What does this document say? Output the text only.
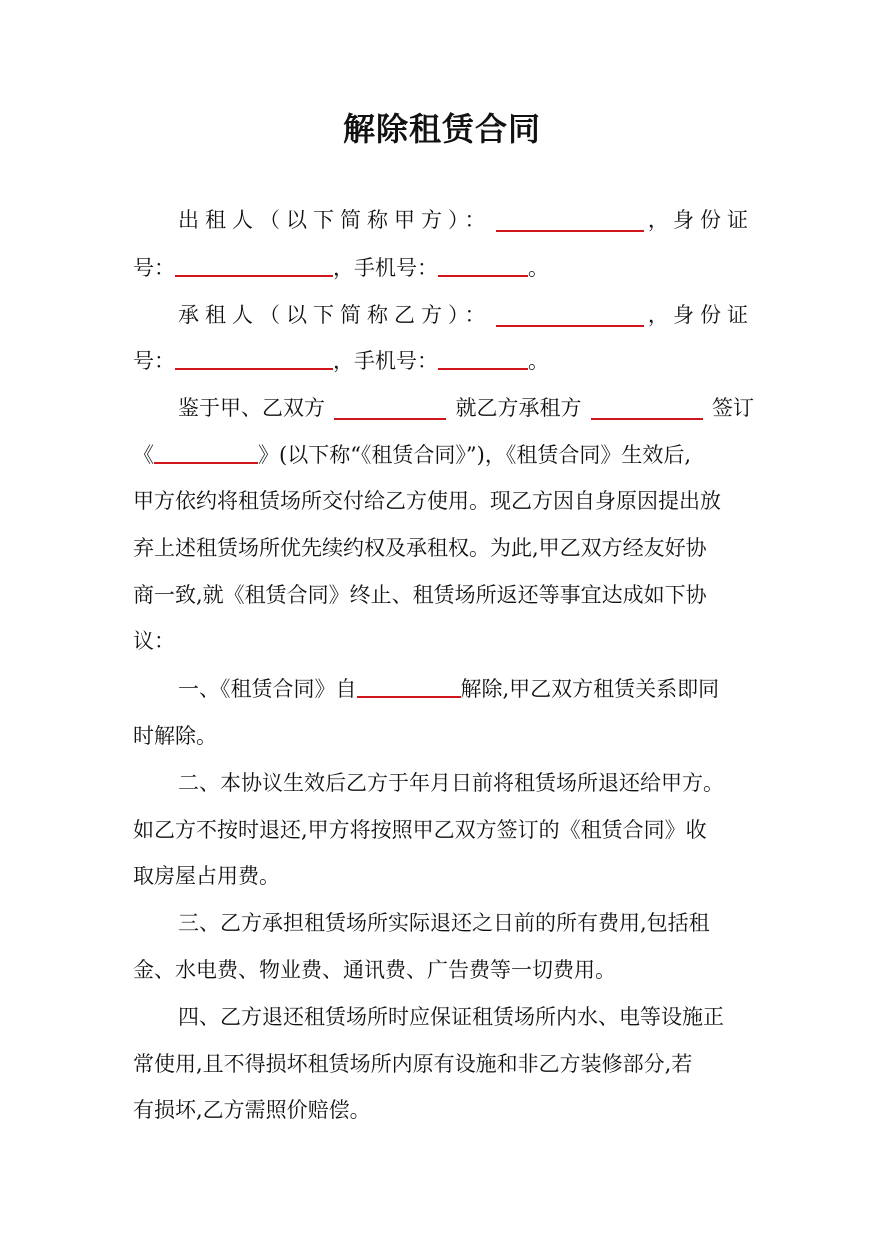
解除租赁合同
出租人（以下简称甲方）：	， 身份证
号：	，手机号：	。
承租人（以下简称乙方）：	， 身份证
号：	，手机号：	。
鉴于甲、乙双方	就乙方承租方	签订
《	》(以下称“《租赁合同》”)，《租赁合同》生效后,
甲方依约将租赁场所交付给乙方使用。现乙方因自身原因提出放
弃上述租赁场所优先续约权及承租权。为此,甲乙双方经友好协
商一致,就《租赁合同》终止、租赁场所返还等事宜达成如下协
议：
一、《租赁合同》自	解除,甲乙双方租赁关系即同
时解除。
二、本协议生效后乙方于年月日前将租赁场所退还给甲方。
如乙方不按时退还,甲方将按照甲乙双方签订的《租赁合同》收
取房屋占用费。
三、乙方承担租赁场所实际退还之日前的所有费用,包括租
金、水电费、物业费、通讯费、广告费等一切费用。
四、乙方退还租赁场所时应保证租赁场所内水、电等设施正
常使用,且不得损坏租赁场所内原有设施和非乙方装修部分,若
有损坏,乙方需照价赔偿。
